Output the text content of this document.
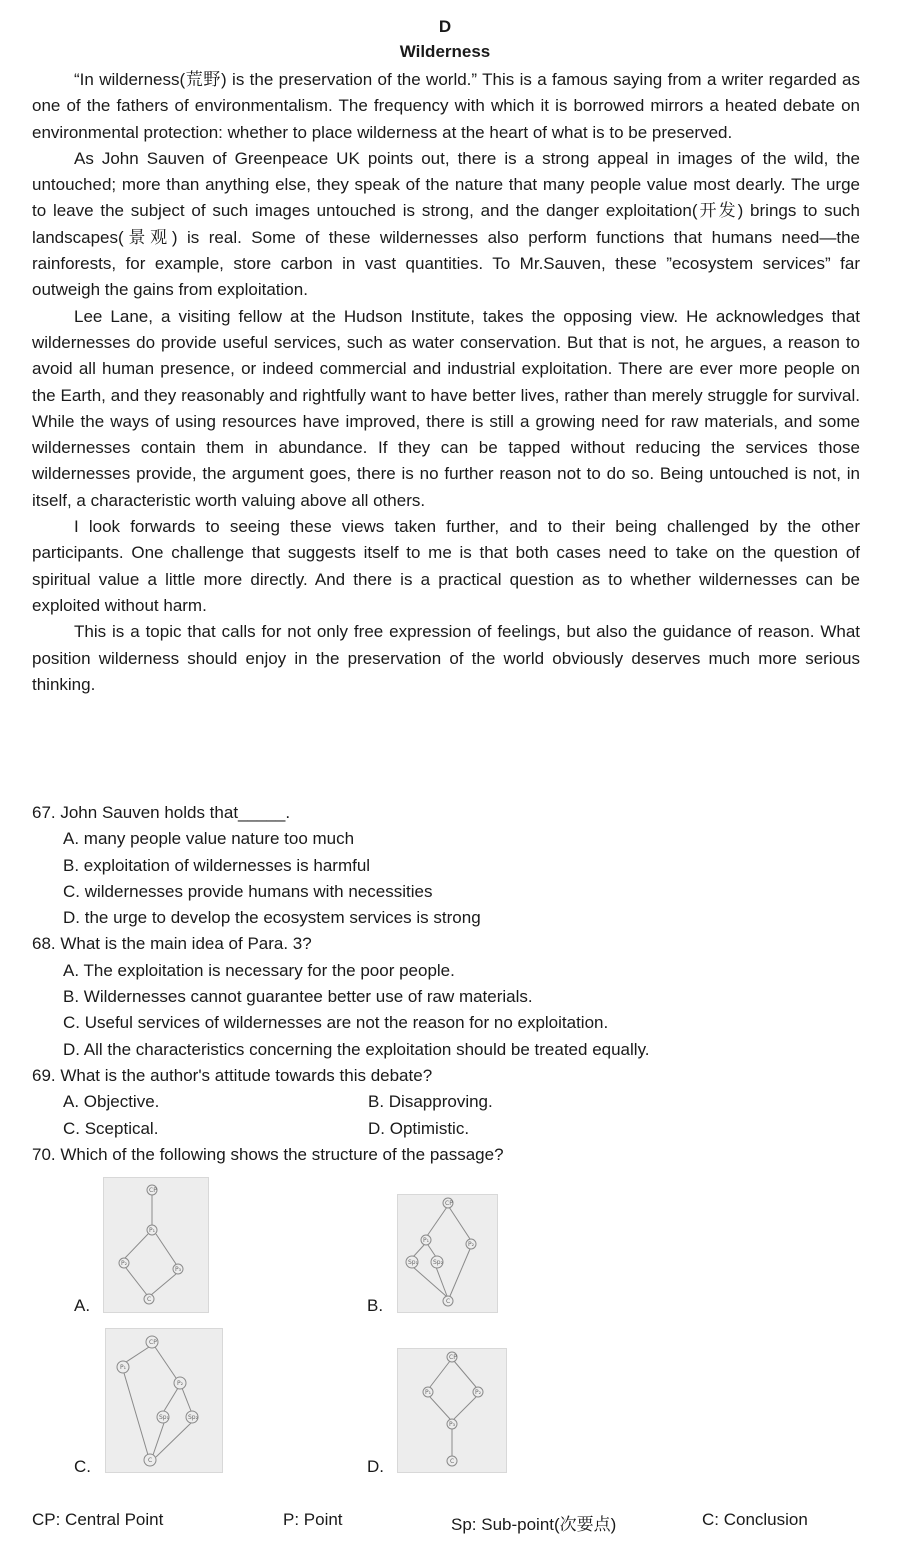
D
Wilderness

“In wilderness(荒野) is the preservation of the world.” This is a famous saying from a writer regarded as one of the fathers of environmentalism. The frequency with which it is borrowed mirrors a heated debate on environmental protection: whether to place wilderness at the heart of what is to be preserved.

As John Sauven of Greenpeace UK points out, there is a strong appeal in images of the wild, the untouched; more than anything else, they speak of the nature that many people value most dearly. The urge to leave the subject of such images untouched is strong, and the danger exploitation(开发) brings to such landscapes(景观) is real. Some of these wildernesses also perform functions that humans need—the rainforests, for example, store carbon in vast quantities. To Mr.Sauven, these ”ecosystem services” far outweigh the gains from exploitation.

Lee Lane, a visiting fellow at the Hudson Institute, takes the opposing view. He acknowledges that wildernesses do provide useful services, such as water conservation. But that is not, he argues, a reason to avoid all human presence, or indeed commercial and industrial exploitation. There are ever more people on the Earth, and they reasonably and rightfully want to have better lives, rather than merely struggle for survival. While the ways of using resources have improved, there is still a growing need for raw materials, and some wildernesses contain them in abundance. If they can be tapped without reducing the services those wildernesses provide, the argument goes, there is no further reason not to do so. Being untouched is not, in itself, a characteristic worth valuing above all others.

I look forwards to seeing these views taken further, and to their being challenged by the other participants. One challenge that suggests itself to me is that both cases need to take on the question of spiritual value a little more directly. And there is a practical question as to whether wildernesses can be exploited without harm.

This is a topic that calls for not only free expression of feelings, but also the guidance of reason. What position wilderness should enjoy in the preservation of the world obviously deserves much more serious thinking.

67. John Sauven holds that_____.

A. many people value nature too much

B. exploitation of wildernesses is harmful

C. wildernesses provide humans with necessities

D. the urge to develop the ecosystem services is strong

68. What is the main idea of Para. 3?

A. The exploitation is necessary for the poor people.

B. Wildernesses cannot guarantee better use of raw materials.

C. Useful services of wildernesses are not the reason for no exploitation.

D. All the characteristics concerning the exploitation should be treated equally.

69. What is the author's attitude towards this debate?

A. Objective.	B. Disapproving.
C. Sceptical.	D. Optimistic.

70. Which of the following shows the structure of the passage?

A.
CP
P₁
P₂
P₃
C	B.
CP
P₁
P₂
Sp₁ Sp₂
C
C.
CP
P₁
P₂
Sp₁	Sp₂
C	D.
CP
P₁	P₂
P₃
C
CP: Central Point	P: Point	Sp: Sub-point(次要点)	C: Conclusion
